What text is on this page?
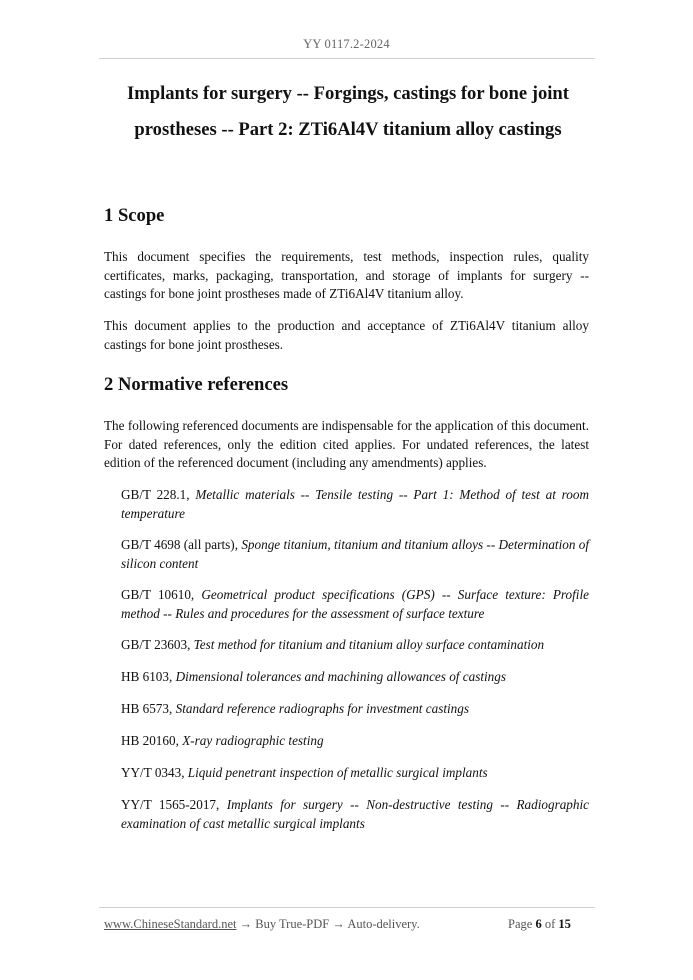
YY 0117.2-2024
Implants for surgery -- Forgings, castings for bone joint
prostheses -- Part 2: ZTi6Al4V titanium alloy castings
1 Scope
This document specifies the requirements, test methods, inspection rules, quality certificates, marks, packaging, transportation, and storage of implants for surgery -- castings for bone joint prostheses made of ZTi6Al4V titanium alloy.
This document applies to the production and acceptance of ZTi6Al4V titanium alloy castings for bone joint prostheses.
2 Normative references
The following referenced documents are indispensable for the application of this document. For dated references, only the edition cited applies. For undated references, the latest edition of the referenced document (including any amendments) applies.
GB/T 228.1, Metallic materials -- Tensile testing -- Part 1: Method of test at room temperature
GB/T 4698 (all parts), Sponge titanium, titanium and titanium alloys -- Determination of silicon content
GB/T 10610, Geometrical product specifications (GPS) -- Surface texture: Profile method -- Rules and procedures for the assessment of surface texture
GB/T 23603, Test method for titanium and titanium alloy surface contamination
HB 6103, Dimensional tolerances and machining allowances of castings
HB 6573, Standard reference radiographs for investment castings
HB 20160, X-ray radiographic testing
YY/T 0343, Liquid penetrant inspection of metallic surgical implants
YY/T 1565-2017, Implants for surgery -- Non-destructive testing -- Radiographic examination of cast metallic surgical implants
www.ChineseStandard.net → Buy True-PDF → Auto-delivery.	Page 6 of 15
